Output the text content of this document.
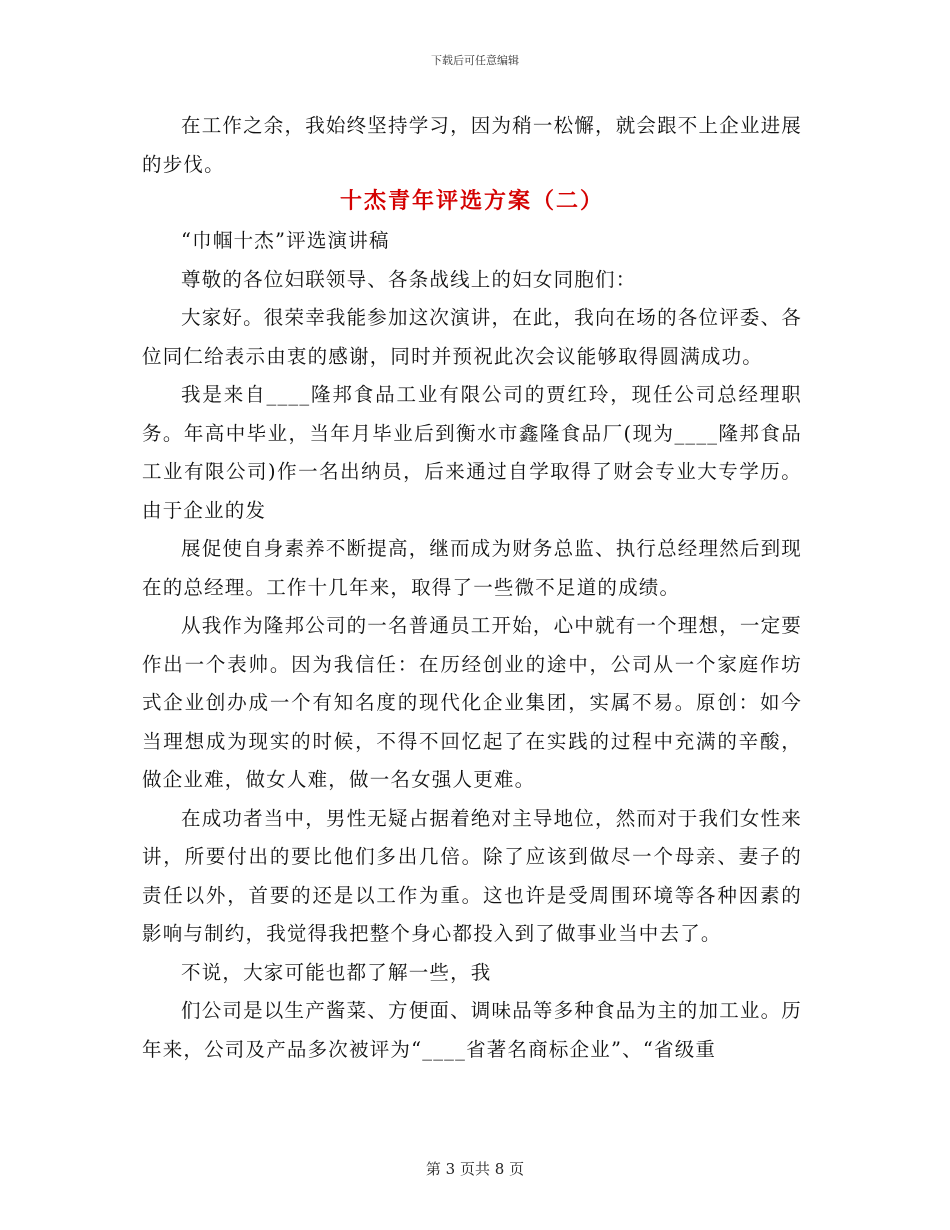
下载后可任意编辑

在工作之余，我始终坚持学习，因为稍一松懈，就会跟不上企业进展的步伐。

十杰青年评选方案（二）

“巾帼十杰”评选演讲稿

尊敬的各位妇联领导、各条战线上的妇女同胞们：

大家好。很荣幸我能参加这次演讲，在此，我向在场的各位评委、各位同仁给表示由衷的感谢，同时并预祝此次会议能够取得圆满成功。

我是来自____隆邦食品工业有限公司的贾红玲，现任公司总经理职务。年高中毕业，当年月毕业后到衡水市鑫隆食品厂(现为____隆邦食品工业有限公司)作一名出纳员，后来通过自学取得了财会专业大专学历。由于企业的发

展促使自身素养不断提高，继而成为财务总监、执行总经理然后到现在的总经理。工作十几年来，取得了一些微不足道的成绩。

从我作为隆邦公司的一名普通员工开始，心中就有一个理想，一定要作出一个表帅。因为我信任：在历经创业的途中，公司从一个家庭作坊式企业创办成一个有知名度的现代化企业集团，实属不易。原创：如今当理想成为现实的时候，不得不回忆起了在实践的过程中充满的辛酸，做企业难，做女人难，做一名女强人更难。

在成功者当中，男性无疑占据着绝对主导地位，然而对于我们女性来讲，所要付出的要比他们多出几倍。除了应该到做尽一个母亲、妻子的责任以外，首要的还是以工作为重。这也许是受周围环境等各种因素的影响与制约，我觉得我把整个身心都投入到了做事业当中去了。

不说，大家可能也都了解一些，我

们公司是以生产酱菜、方便面、调味品等多种食品为主的加工业。历年来，公司及产品多次被评为“____省著名商标企业”、“省级重

第 3 页共 8 页
